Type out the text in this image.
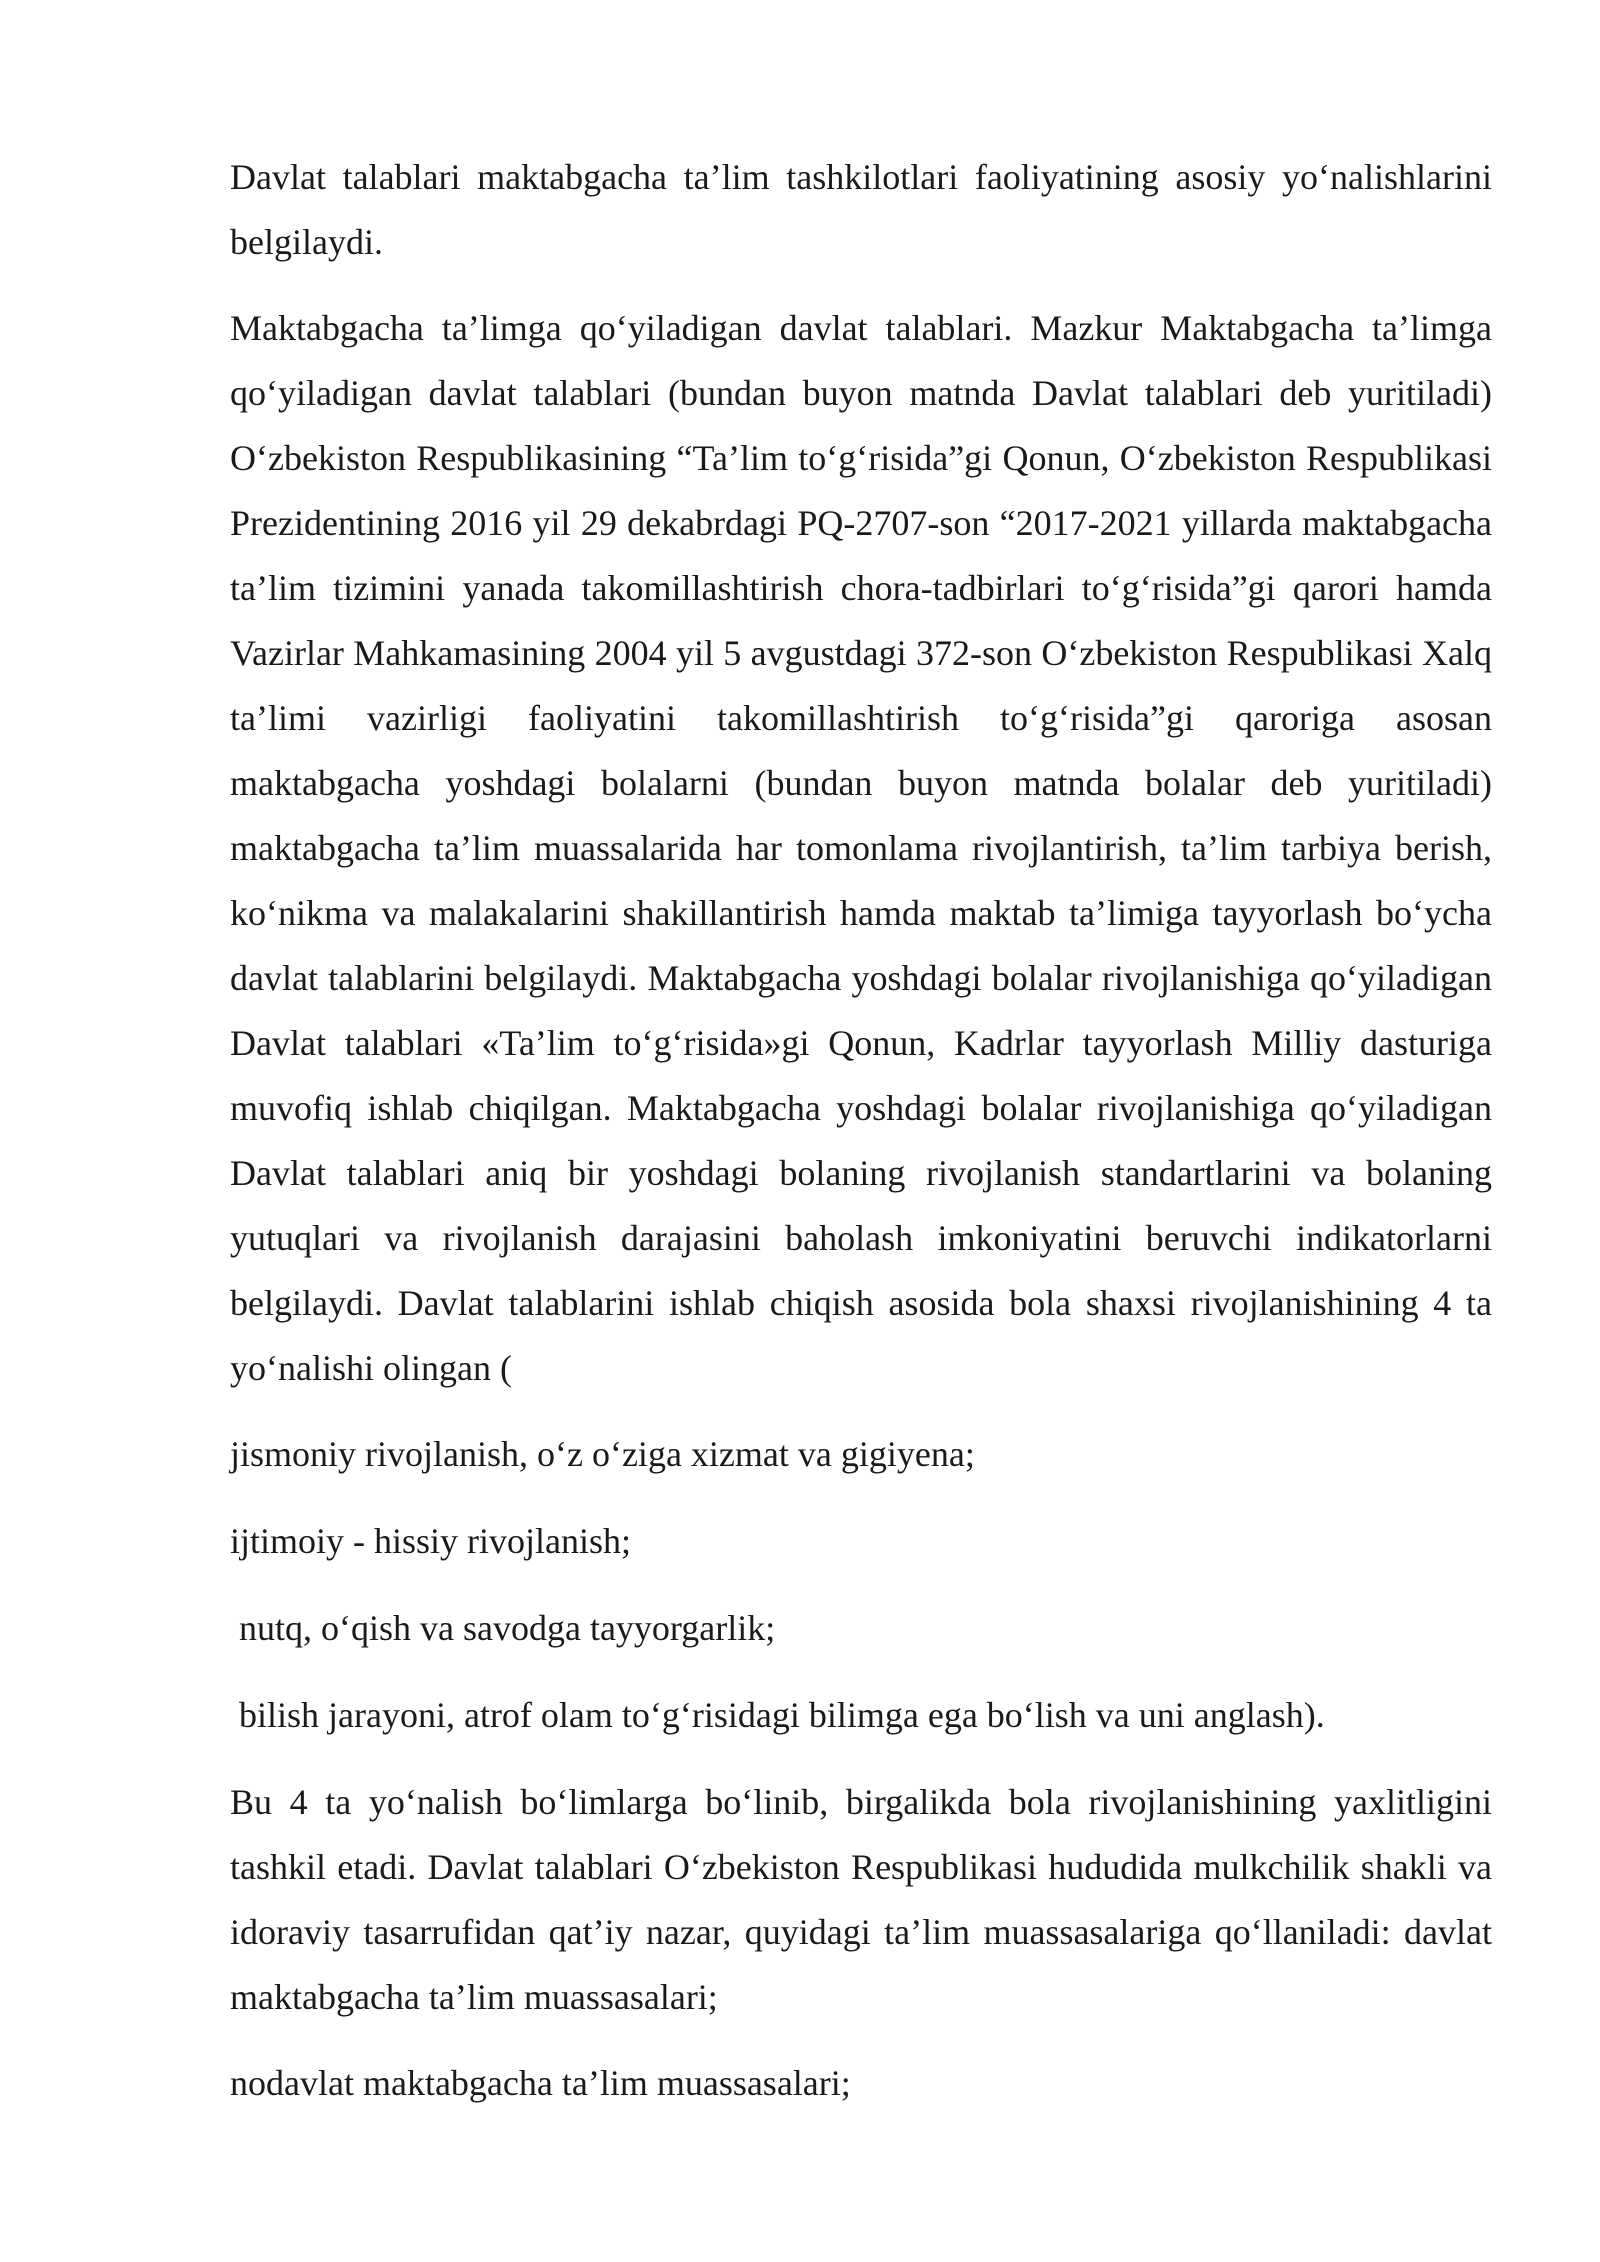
Davlat talablari maktabgacha ta’lim tashkilotlari faoliyatining asosiy yo‘nalishlarini belgilaydi.

Maktabgacha ta’limga qo‘yiladigan davlat talablari. Mazkur Maktabgacha ta’limga qo‘yiladigan davlat talablari (bundan buyon matnda Davlat talablari deb yuritiladi) O‘zbekiston Respublikasining “Ta’lim to‘g‘risida”gi Qonun, O‘zbekiston Respublikasi Prezidentining 2016 yil 29 dekabrdagi PQ-2707-son “2017-2021 yillarda maktabgacha ta’lim tizimini yanada takomillashtirish chora-tadbirlari to‘g‘risida”gi qarori hamda Vazirlar Mahkamasining 2004 yil 5 avgustdagi 372-son O‘zbekiston Respublikasi Xalq ta’limi vazirligi faoliyatini takomillashtirish to‘g‘risida”gi qaroriga asosan maktabgacha yoshdagi bolalarni (bundan buyon matnda bolalar deb yuritiladi) maktabgacha ta’lim muassalarida har tomonlama rivojlantirish, ta’lim tarbiya berish, ko‘nikma va malakalarini shakillantirish hamda maktab ta’limiga tayyorlash bo‘ycha davlat talablarini belgilaydi. Maktabgacha yoshdagi bolalar rivojlanishiga qo‘yiladigan Davlat talablari «Ta’lim to‘g‘risida»gi Qonun, Kadrlar tayyorlash Milliy dasturiga muvofiq ishlab chiqilgan. Maktabgacha yoshdagi bolalar rivojlanishiga qo‘yiladigan Davlat talablari aniq bir yoshdagi bolaning rivojlanish standartlarini va bolaning yutuqlari va rivojlanish darajasini baholash imkoniyatini beruvchi indikatorlarni belgilaydi. Davlat talablarini ishlab chiqish asosida bola shaxsi rivojlanishining 4 ta yo‘nalishi olingan (

jismoniy rivojlanish, o‘z o‘ziga xizmat va gigiyena;

ijtimoiy - hissiy rivojlanish;

nutq, o‘qish va savodga tayyorgarlik;

bilish jarayoni, atrof olam to‘g‘risidagi bilimga ega bo‘lish va uni anglash).

Bu 4 ta yo‘nalish bo‘limlarga bo‘linib, birgalikda bola rivojlanishining yaxlitligini tashkil etadi. Davlat talablari O‘zbekiston Respublikasi hududida mulkchilik shakli va idoraviy tasarrufidan qat’iy nazar, quyidagi ta’lim muassasalariga qo‘llaniladi: davlat maktabgacha ta’lim muassasalari;

nodavlat maktabgacha ta’lim muassasalari;
